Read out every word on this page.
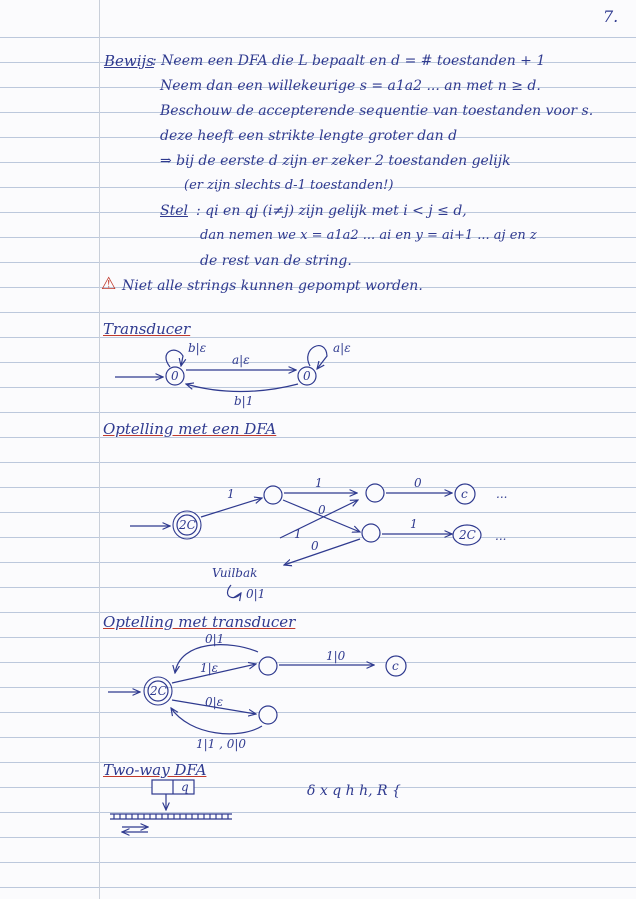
7.
Bewijs
: Neem een DFA die L bepaalt en d = # toestanden + 1
Neem dan een willekeurige s = a1a2 ... an met n ≥ d.
Beschouw de accepterende sequentie van toestanden voor s.
deze heeft een strikte lengte groter dan d
⇒ bij de eerste d zijn er zeker 2 toestanden gelijk
(er zijn slechts d-1 toestanden!)
Stel : qi en qj (i≠j) zijn gelijk met i < j ≤ d,
dan nemen we x = a1a2 ... ai en y = ai+1 ... aj en z
de rest van de string.
⚠ Niet alle strings kunnen gepompt worden.
Transducer
Optelling met een DFA
Optelling met transducer
Two-way DFA
0
b|ε
a|ε
0
a|ε
b|1
2C
1
1	0
c ...
0
1
1
2C ...
0
Vuilbak
0|1
2C
0|1
1|ε
1|0
c
0|ε
1|1 , 0|0
q	δ x q h h, R {
